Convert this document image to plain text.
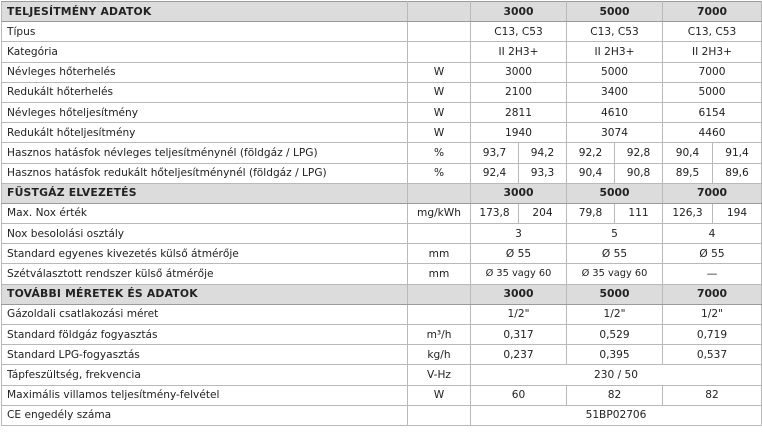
TELJESÍTMÉNY ADATOK		3000		5000		7000	
Típus		C13, C53		C13, C53		C13, C53	
Kategória		II 2H3+		II 2H3+		II 2H3+	
Névleges hőterhelés	W	3000		5000		7000	
Redukált hőterhelés	W	2100		3400		5000	
Névleges hőteljesítmény	W	2811		4610		6154	
Redukált hőteljesítmény	W	1940		3074		4460	
Hasznos hatásfok névleges teljesítménynél (földgáz / LPG)	%	93,7	94,2	92,2	92,8	90,4	91,4
Hasznos hatásfok redukált hőteljesítménynél (földgáz / LPG)	%	92,4	93,3	90,4	90,8	89,5	89,6
FÜSTGÁZ ELVEZETÉS		3000		5000		7000	
Max. Nox érték	mg/kWh	173,8	204	79,8	111	126,3	194
Nox besololási osztály		3		5		4	
Standard egyenes kivezetés külső átmérője	mm	Ø 55		Ø 55		Ø 55	
Szétválasztott rendszer külső átmérője	mm	Ø 35 vagy 60		Ø 35 vagy 60		—	
TOVÁBBI MÉRETEK ÉS ADATOK		3000		5000		7000	
Gázoldali csatlakozási méret		1/2"		1/2"		1/2"	
Standard földgáz fogyasztás	m³/h	0,317		0,529		0,719	
Standard LPG-fogyasztás	kg/h	0,237		0,395		0,537	
Tápfeszültség, frekvencia	V-Hz	230 / 50					
Maximális villamos teljesítmény-felvétel	W	60		82		82	
CE engedély száma		51BP02706					
